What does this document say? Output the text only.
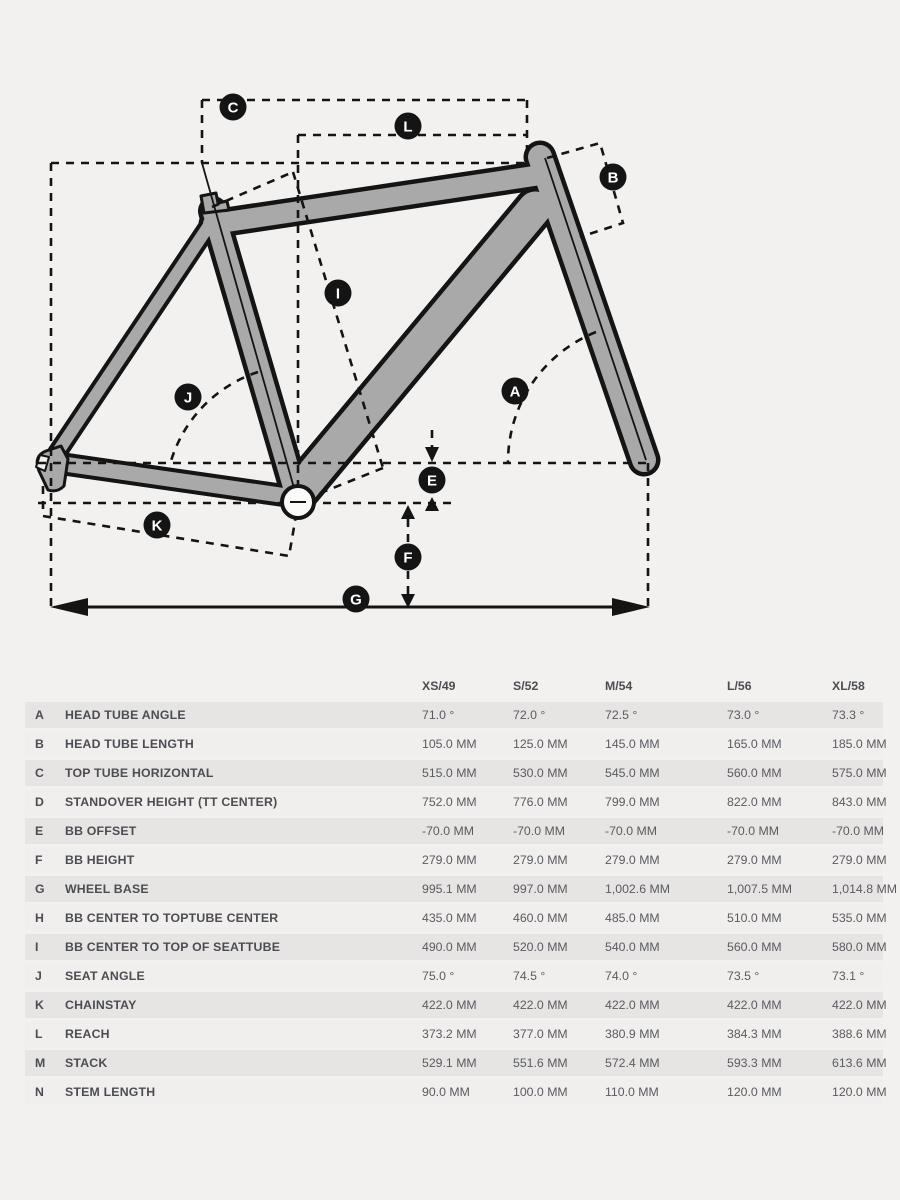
C
L
B
I
A
J
K
E
F
G
		XS/49	S/52	M/54	L/56	XL/58
A	HEAD TUBE ANGLE	71.0 °	72.0 °	72.5 °	73.0 °	73.3 °
B	HEAD TUBE LENGTH	105.0 MM	125.0 MM	145.0 MM	165.0 MM	185.0 MM
C	TOP TUBE HORIZONTAL	515.0 MM	530.0 MM	545.0 MM	560.0 MM	575.0 MM
D	STANDOVER HEIGHT (TT CENTER)	752.0 MM	776.0 MM	799.0 MM	822.0 MM	843.0 MM
E	BB OFFSET	-70.0 MM	-70.0 MM	-70.0 MM	-70.0 MM	-70.0 MM
F	BB HEIGHT	279.0 MM	279.0 MM	279.0 MM	279.0 MM	279.0 MM
G	WHEEL BASE	995.1 MM	997.0 MM	1,002.6 MM	1,007.5 MM	1,014.8 MM
H	BB CENTER TO TOPTUBE CENTER	435.0 MM	460.0 MM	485.0 MM	510.0 MM	535.0 MM
I	BB CENTER TO TOP OF SEATTUBE	490.0 MM	520.0 MM	540.0 MM	560.0 MM	580.0 MM
J	SEAT ANGLE	75.0 °	74.5 °	74.0 °	73.5 °	73.1 °
K	CHAINSTAY	422.0 MM	422.0 MM	422.0 MM	422.0 MM	422.0 MM
L	REACH	373.2 MM	377.0 MM	380.9 MM	384.3 MM	388.6 MM
M	STACK	529.1 MM	551.6 MM	572.4 MM	593.3 MM	613.6 MM
N	STEM LENGTH	90.0 MM	100.0 MM	110.0 MM	120.0 MM	120.0 MM
